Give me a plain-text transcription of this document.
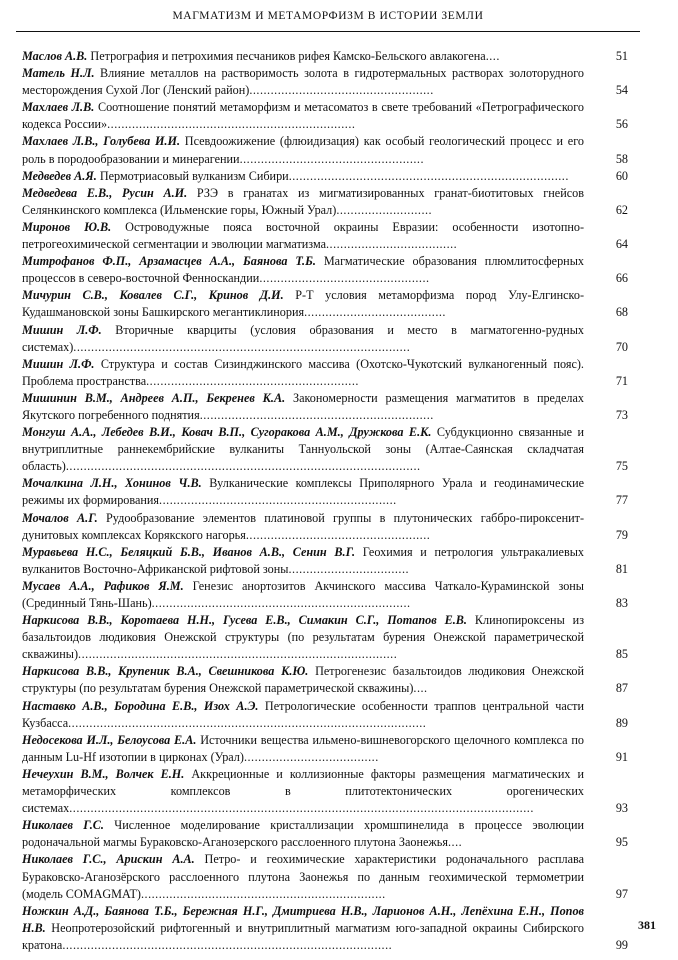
МАГМАТИЗМ И МЕТАМОРФИЗМ В ИСТОРИИ ЗЕМЛИ
Маслов А.В. Петрография и петрохимия песчаников рифея Камско-Бельского авлакогена....	51
Матель Н.Л. Влияние металлов на растворимость золота в гидротермальных растворах золоторудного месторождения Сухой Лог (Ленский район)....................................................	54
Махлаев Л.В. Соотношение понятий метаморфизм и метасоматоз в свете требований «Петрографического кодекса России»......................................................................	56
Махлаев Л.В., Голубева И.И. Псевдоожижение (флюидизация) как особый геологический процесс и его роль в породообразовании и минерагении....................................................	58
Медведев А.Я. Пермотриасовый вулканизм Сибири...............................................................................	60
Медведева Е.В., Русин А.И. РЗЭ в гранатах из мигматизированных гранат-биотитовых гнейсов Селянкинского комплекса (Ильменские горы, Южный Урал)...........................	62
Миронов Ю.В. Островодужные пояса восточной окраины Евразии: особенности изотопно-петрогеохимической сегментации и эволюции магматизма.....................................	64
Митрофанов Ф.П., Арзамасцев А.А., Баянова Т.Б. Магматические образования плюмлитосферных процессов в северо-восточной Фенноскандии................................................	66
Мичурин С.В., Ковалев С.Г., Кринов Д.И. Р-Т условия метаморфизма пород Улу-Елгинско-Кудашмановской зоны Башкирского мегантиклинория........................................	68
Мишин Л.Ф. Вторичные кварциты (условия образования и место в магматогенно-рудных системах)...............................................................................................	70
Мишин Л.Ф. Структура и состав Сизинджинского массива (Охотско-Чукотский вулканогенный пояс). Проблема пространства............................................................	71
Мишинин В.М., Андреев А.П., Бекренев К.А. Закономерности размещения магматитов в пределах Якутского погребенного поднятия..................................................................	73
Монгуш А.А., Лебедев В.И., Ковач В.П., Сугоракова А.М., Дружкова Е.К. Субдукционно связанные и внутриплитные раннекембрийские вулканиты Таннуольской зоны (Алтае-Саянская складчатая область)....................................................................................................	75
Мочалкина Л.Н., Хонинов Ч.В. Вулканические комплексы Приполярного Урала и геодинамические режимы их формирования...................................................................	77
Мочалов А.Г. Рудообразование элементов платиновой группы в плутонических габбро-пироксенит-дунитовых комплексах Корякского нагорья....................................................	79
Муравьева Н.С., Беляцкий Б.В., Иванов А.В., Сенин В.Г. Геохимия и петрология ультракалиевых вулканитов Восточно-Африканской рифтовой зоны..................................	81
Мусаев А.А., Рафиков Я.М. Генезис анортозитов Акчинского массива Чаткало-Кураминской зоны (Срединный Тянь-Шань).........................................................................	83
Наркисова В.В., Коротаева Н.Н., Гусева Е.В., Симакин С.Г., Потапов Е.В. Клинопироксены из базальтоидов людиковия Онежской структуры (по результатам бурения Онежской параметрической скважины)..........................................................................................	85
Наркисова В.В., Крупеник В.А., Свешникова К.Ю. Петрогенезис базальтоидов людиковия Онежской структуры (по результатам бурения Онежской параметрической скважины)....	87
Наставко А.В., Бородина Е.В., Изох А.Э. Петрологические особенности траппов центральной части Кузбасса.....................................................................................................	89
Недосекова И.Л., Белоусова Е.А. Источники вещества ильмено-вишневогорского щелочного комплекса по данным Lu-Hf изотопии в цирконах (Урал)......................................	91
Нечеухин В.М., Волчек Е.Н. Аккреционные и коллизионные факторы размещения магматических и метаморфических комплексов в плитотектонических орогенических системах...................................................................................................................................	93
Николаев Г.С. Численное моделирование кристаллизации хромшпинелида в процессе эволюции родоначальной магмы Бураковско-Аганозерского расслоенного плутона Заонежья....	95
Николаев Г.С., Арискин А.А. Петро- и геохимические характеристики родоначального расплава Бураковско-Аганозёрского расслоенного плутона Заонежья по данным геохимической термометрии (модель COMAGMAT).....................................................................	97
Ножкин А.Д., Баянова Т.Б., Бережная Н.Г., Дмитриева Н.В., Ларионов А.Н., Лепёхина Е.Н., Попов Н.В. Неопротерозойский рифтогенный и внутриплитный магматизм юго-западной окраины Сибирского кратона.............................................................................................	99
381
